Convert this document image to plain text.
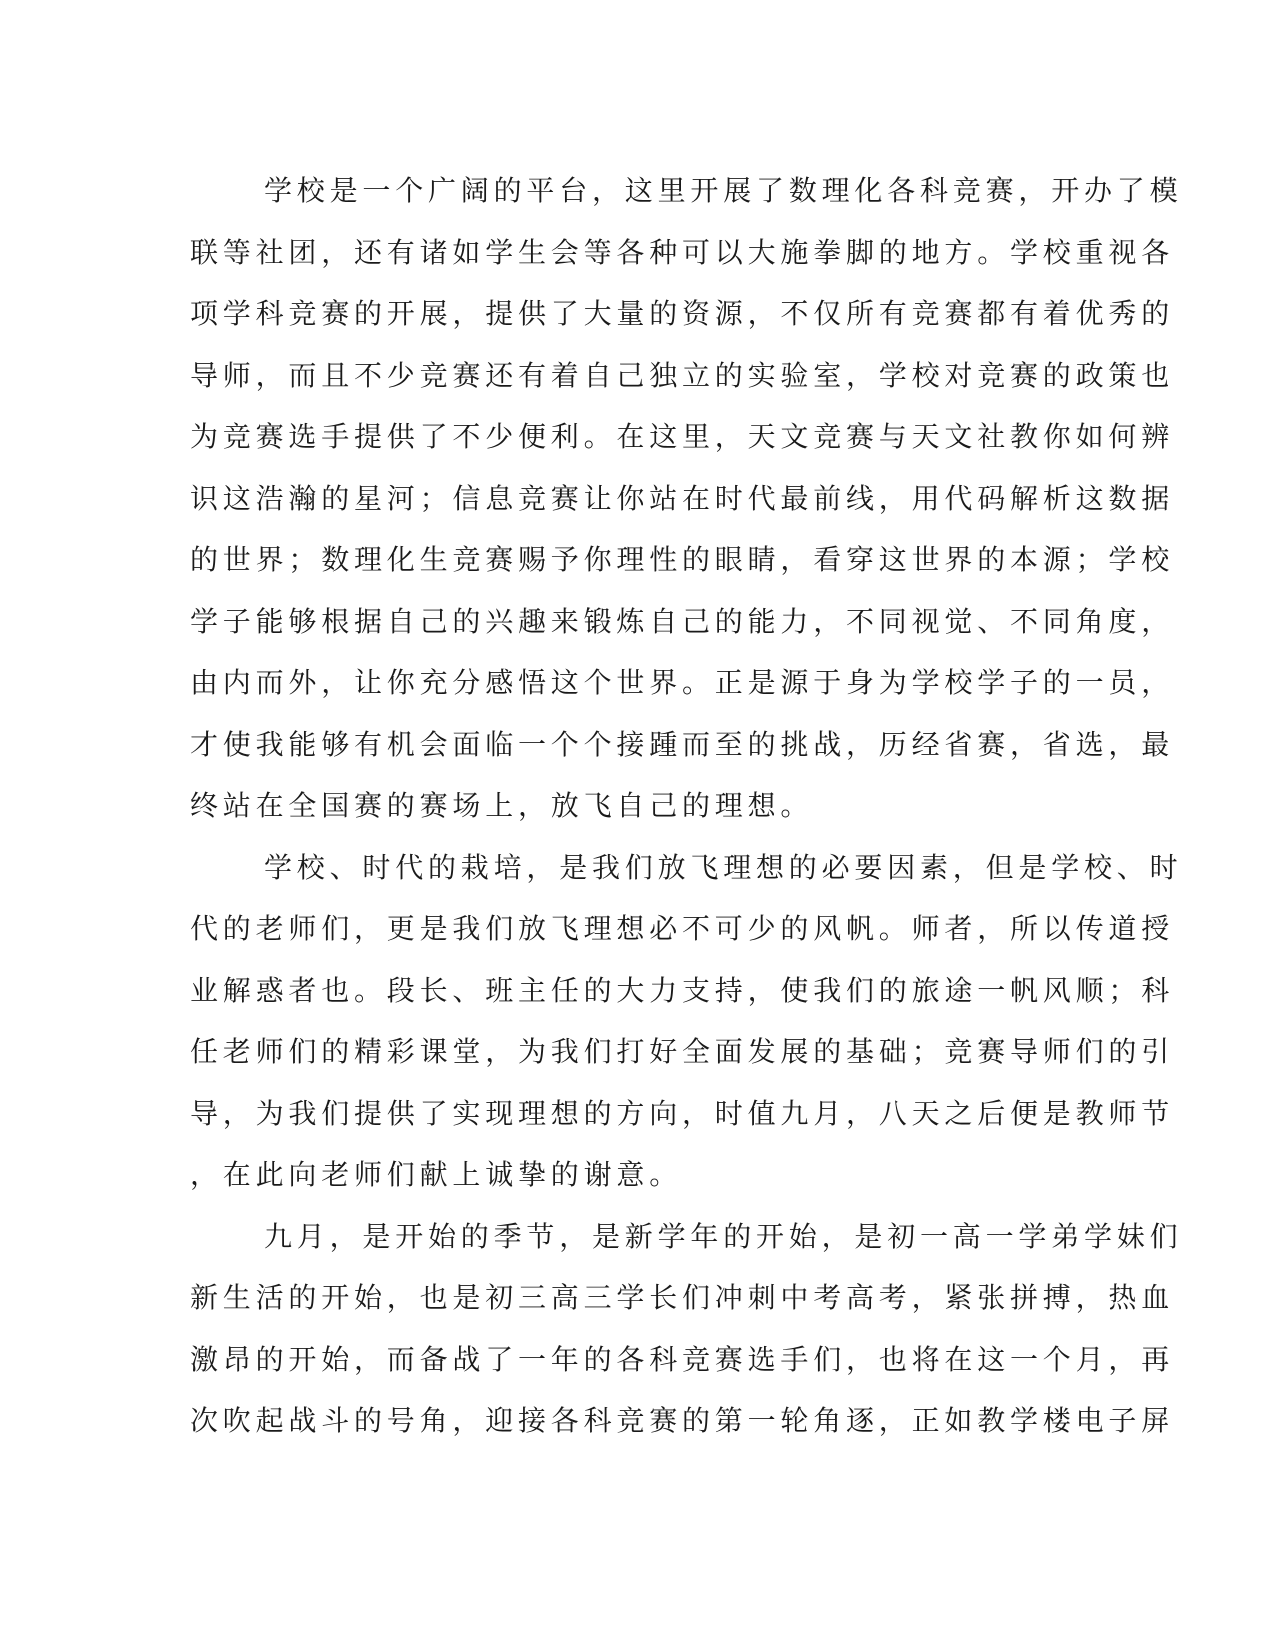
学校是一个广阔的平台，这里开展了数理化各科竞赛，开办了模
联等社团，还有诸如学生会等各种可以大施拳脚的地方。学校重视各
项学科竞赛的开展，提供了大量的资源，不仅所有竞赛都有着优秀的
导师，而且不少竞赛还有着自己独立的实验室，学校对竞赛的政策也
为竞赛选手提供了不少便利。在这里，天文竞赛与天文社教你如何辨
识这浩瀚的星河；信息竞赛让你站在时代最前线，用代码解析这数据
的世界；数理化生竞赛赐予你理性的眼睛，看穿这世界的本源；学校
学子能够根据自己的兴趣来锻炼自己的能力，不同视觉、不同角度，
由内而外，让你充分感悟这个世界。正是源于身为学校学子的一员，
才使我能够有机会面临一个个接踵而至的挑战，历经省赛，省选，最
终站在全国赛的赛场上，放飞自己的理想。
学校、时代的栽培，是我们放飞理想的必要因素，但是学校、时
代的老师们，更是我们放飞理想必不可少的风帆。师者，所以传道授
业解惑者也。段长、班主任的大力支持，使我们的旅途一帆风顺；科
任老师们的精彩课堂，为我们打好全面发展的基础；竞赛导师们的引
导，为我们提供了实现理想的方向，时值九月，八天之后便是教师节
，在此向老师们献上诚挚的谢意。
九月，是开始的季节，是新学年的开始，是初一高一学弟学妹们
新生活的开始，也是初三高三学长们冲刺中考高考，紧张拼搏，热血
激昂的开始，而备战了一年的各科竞赛选手们，也将在这一个月，再
次吹起战斗的号角，迎接各科竞赛的第一轮角逐，正如教学楼电子屏
